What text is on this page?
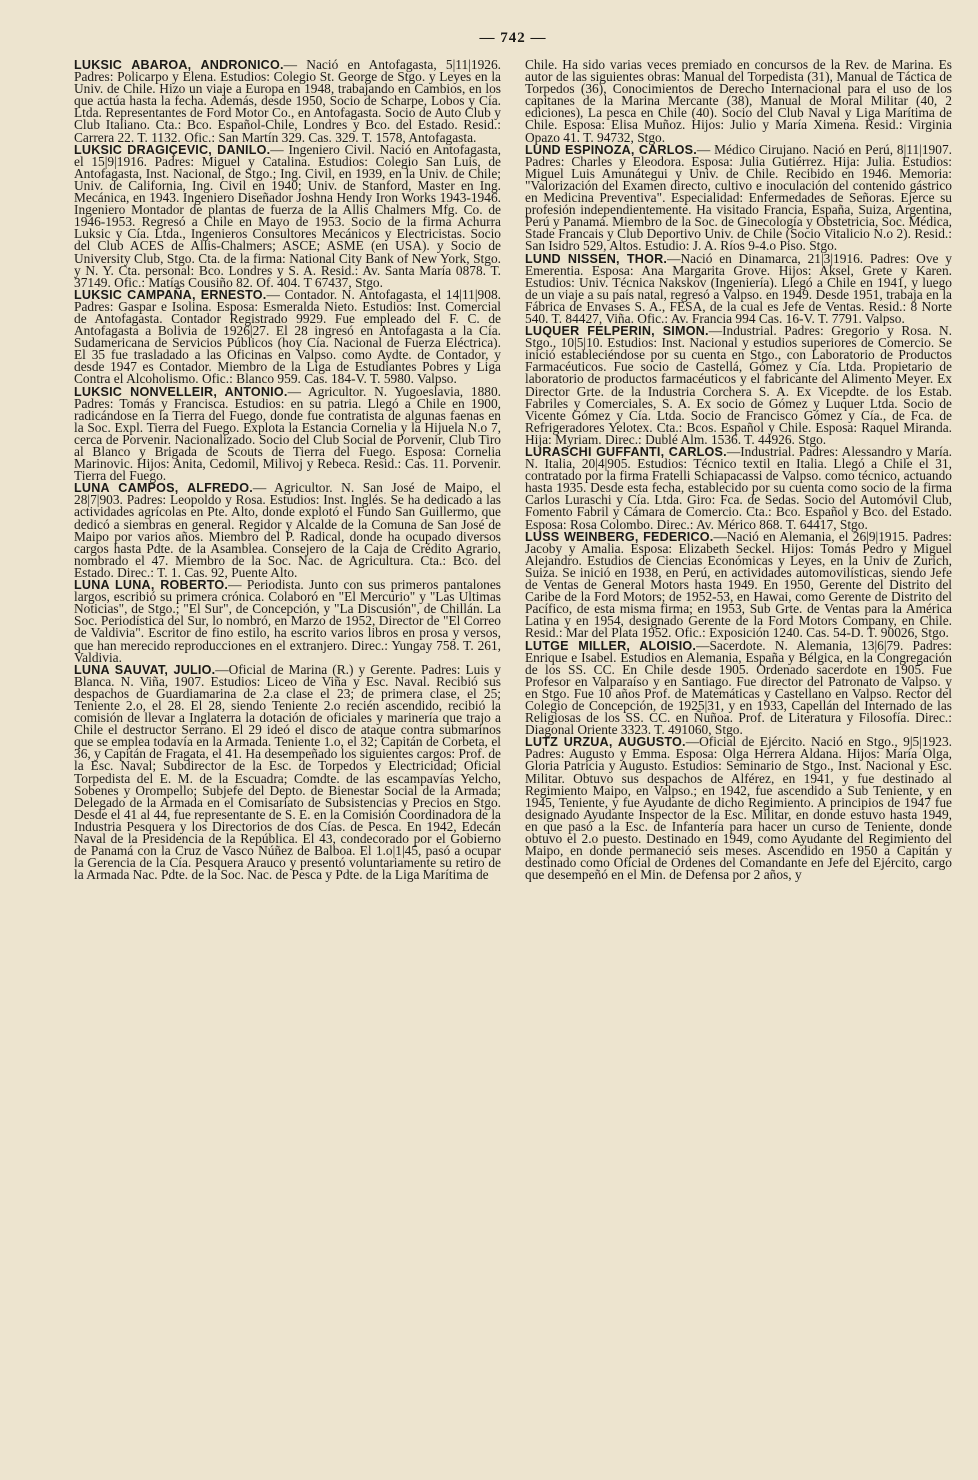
— 742 —

LUKSIC ABAROA, ANDRONICO.— Nació en Antofagasta, 5|11|1926. Padres: Policarpo y Elena. Estudios: Colegio St. George de Stgo. y Leyes en la Univ. de Chile. Hizo un viaje a Europa en 1948, trabajando en Cambios, en los que actúa hasta la fecha. Además, desde 1950, Socio de Scharpe, Lobos y Cía. Ltda. Representantes de Ford Motor Co., en Antofagasta. Socio de Auto Club y Club Italiano. Cta.: Bco. Español-Chile, Londres y Bco. del Estado. Resid.: Carrera 22. T. 1132. Ofic.: San Martín 329. Cas. 329. T. 1578, Antofagasta.

LUKSIC DRAGIÇEVIC, DANILO.— Ingeniero Civil. Nació en Antofagasta, el 15|9|1916. Padres: Miguel y Catalina. Estudios: Colegio San Luis, de Antofagasta, Inst. Nacional, de Stgo.; Ing. Civil, en 1939, en la Univ. de Chile; Univ. de California, Ing. Civil en 1940; Univ. de Stanford, Master en Ing. Mecánica, en 1943. Ingeniero Diseñador Joshna Hendy Iron Works 1943-1946. Ingeniero Montador de plantas de fuerza de la Allis Chalmers Mfg. Co. de 1946-1953. Regresó a Chile en Mayo de 1953. Socio de la firma Achurra Luksic y Cía. Ltda., Ingenieros Consultores Mecánicos y Electricistas. Socio del Club ACES de Allis-Chalmers; ASCE; ASME (en USA). y Socio de University Club, Stgo. Cta. de la firma: National City Bank of New York, Stgo. y N. Y. Cta. personal: Bco. Londres y S. A. Resid.: Av. Santa María 0878. T. 37149. Ofic.: Matías Cousiño 82. Of. 404. T 67437, Stgo.

LUKSIC CAMPAÑA, ERNESTO.— Contador. N. Antofagasta, el 14|11|908. Padres: Gaspar e Isolina. Esposa: Esmeralda Nieto. Estudios: Inst. Comercial de Antofagasta. Contador Registrado 9929. Fue empleado del F. C. de Antofagasta a Bolivia de 1926|27. El 28 ingresó en Antofagasta a la Cía. Sudamericana de Servicios Públicos (hoy Cía. Nacional de Fuerza Eléctrica). El 35 fue trasladado a las Oficinas en Valpso. como Aydte. de Contador, y desde 1947 es Contador. Miembro de la Liga de Estudiantes Pobres y Liga Contra el Alcoholismo. Ofic.: Blanco 959. Cas. 184-V. T. 5980. Valpso.

LUKSIC NONVELLEIR, ANTONIO.— Agricultor. N. Yugoeslavia, 1880. Padres: Tomás y Francisca. Estudios: en su patria. Llegó a Chile en 1900, radicándose en la Tierra del Fuego, donde fue contratista de algunas faenas en la Soc. Expl. Tierra del Fuego. Explota la Estancia Cornelia y la Hijuela N.o 7, cerca de Porvenir. Nacionalizado. Socio del Club Social de Porvenir, Club Tiro al Blanco y Brigada de Scouts de Tierra del Fuego. Esposa: Cornelia Marinovic. Hijos: Anita, Cedomil, Milivoj y Rebeca. Resid.: Cas. 11. Porvenir. Tierra del Fuego.

LUNA CAMPOS, ALFREDO.— Agricultor. N. San José de Maipo, el 28|7|903. Padres: Leopoldo y Rosa. Estudios: Inst. Inglés. Se ha dedicado a las actividades agrícolas en Pte. Alto, donde explotó el Fundo San Guillermo, que dedicó a siembras en general. Regidor y Alcalde de la Comuna de San José de Maipo por varios años. Miembro del P. Radical, donde ha ocupado diversos cargos hasta Pdte. de la Asamblea. Consejero de la Caja de Crédito Agrario, nombrado el 47. Miembro de la Soc. Nac. de Agricultura. Cta.: Bco. del Estado. Direc.: T. 1. Cas. 92, Puente Alto.

LUNA LUNA, ROBERTO.— Periodista. Junto con sus primeros pantalones largos, escribió su primera crónica. Colaboró en "El Mercurio" y "Las Ultimas Noticias", de Stgo.; "El Sur", de Concepción, y "La Discusión", de Chillán. La Soc. Periodística del Sur, lo nombró, en Marzo de 1952, Director de "El Correo de Valdivia". Escritor de fino estilo, ha escrito varios libros en prosa y versos, que han merecido reproducciones en el extranjero. Direc.: Yungay 758. T. 261, Valdivia.

LUNA SAUVAT, JULIO.—Oficial de Marina (R.) y Gerente. Padres: Luis y Blanca. N. Viña, 1907. Estudios: Liceo de Viña y Esc. Naval. Recibió sus despachos de Guardiamarina de 2.a clase el 23; de primera clase, el 25; Teniente 2.o, el 28. El 28, siendo Teniente 2.o recién ascendido, recibió la comisión de llevar a Inglaterra la dotación de oficiales y marinería que trajo a Chile el destructor Serrano. El 29 ideó el disco de ataque contra submarinos que se emplea todavía en la Armada. Teniente 1.o, el 32; Capitán de Corbeta, el 36, y Capitán de Fragata, el 41. Ha desempeñado los siguientes cargos: Prof. de la Esc. Naval; Subdirector de la Esc. de Torpedos y Electricidad; Oficial Torpedista del E. M. de la Escuadra; Comdte. de las escampavías Yelcho, Sobenes y Orompello; Subjefe del Depto. de Bienestar Social de la Armada; Delegado de la Armada en el Comisariato de Subsistencias y Precios en Stgo. Desde el 41 al 44, fue representante de S. E. en la Comisión Coordinadora de la Industria Pesquera y los Directorios de dos Cías. de Pesca. En 1942, Edecán Naval de la Presidencia de la República. El 43, condecorado por el Gobierno de Panamá con la Cruz de Vasco Núñez de Balboa. El 1.o|1|45, pasó a ocupar la Gerencia de la Cía. Pesquera Arauco y presentó voluntariamente su retiro de la Armada Nac. Pdte. de la Soc. Nac. de Pesca y Pdte. de la Liga Marítima de

Chile. Ha sido varias veces premiado en concursos de la Rev. de Marina. Es autor de las siguientes obras: Manual del Torpedista (31), Manual de Táctica de Torpedos (36), Conocimientos de Derecho Internacional para el uso de los capitanes de la Marina Mercante (38), Manual de Moral Militar (40, 2 ediciones), La pesca en Chile (40). Socio del Club Naval y Liga Marítima de Chile. Esposa: Elisa Muñoz. Hijos: Julio y María Ximena. Resid.: Virginia Opazo 41. T. 94732, Stgo.

LUND ESPINOZA, CARLOS.— Médico Cirujano. Nació en Perú, 8|11|1907. Padres: Charles y Eleodora. Esposa: Julia Gutiérrez. Hija: Julia. Estudios: Miguel Luis Amunátegui y Univ. de Chile. Recibido en 1946. Memoria: "Valorización del Examen directo, cultivo e inoculación del contenido gástrico en Medicina Preventiva". Especialidad: Enfermedades de Señoras. Ejerce su profesión independientemente. Ha visitado Francia, España, Suiza, Argentina, Perú y Panamá. Miembro de la Soc. de Ginecología y Obstetricia, Soc. Médica, Stade Francais y Club Deportivo Univ. de Chile (Socio Vitalicio N.o 2). Resid.: San Isidro 529, Altos. Estudio: J. A. Ríos 9-4.o Piso. Stgo.

LUND NISSEN, THOR.—Nació en Dinamarca, 21|3|1916. Padres: Ove y Emerentia. Esposa: Ana Margarita Grove. Hijos: Aksel, Grete y Karen. Estudios: Univ. Técnica Nakskov (Ingeniería). Llegó a Chile en 1941, y luego de un viaje a su país natal, regresó a Valpso. en 1949. Desde 1951, trabaja en la Fábrica de Envases S. A., FESA, de la cual es Jefe de Ventas. Resid.: 8 Norte 540. T. 84427, Viña. Ofic.: Av. Francia 994 Cas. 16-V. T. 7791. Valpso.

LUQUER FELPERIN, SIMON.—Industrial. Padres: Gregorio y Rosa. N. Stgo., 10|5|10. Estudios: Inst. Nacional y estudios superiores de Comercio. Se inició estableciéndose por su cuenta en Stgo., con Laboratorio de Productos Farmacéuticos. Fue socio de Castellá, Gómez y Cía. Ltda. Propietario de laboratorio de productos farmacéuticos y el fabricante del Alimento Meyer. Ex Director Grte. de la Industria Corchera S. A. Ex Vicepdte. de los Estab. Fabriles y Comerciales, S. A. Ex socio de Gómez y Luquer Ltda. Socio de Vicente Gómez y Cía. Ltda. Socio de Francisco Gómez y Cía., de Fca. de Refrigeradores Yelotex. Cta.: Bcos. Español y Chile. Esposa: Raquel Miranda. Hija: Myriam. Direc.: Dublé Alm. 1536. T. 44926. Stgo.

LURASCHI GUFFANTI, CARLOS.—Industrial. Padres: Alessandro y María. N. Italia, 20|4|905. Estudios: Técnico textil en Italia. Llegó a Chile el 31, contratado por la firma Fratelli Schiapacassi de Valpso. como técnico, actuando hasta 1935. Desde esta fecha, establecido por su cuenta como socio de la firma Carlos Luraschi y Cía. Ltda. Giro: Fca. de Sedas. Socio del Automóvil Club, Fomento Fabril y Cámara de Comercio. Cta.: Bco. Español y Bco. del Estado. Esposa: Rosa Colombo. Direc.: Av. Mérico 868. T. 64417, Stgo.

LUSS WEINBERG, FEDERICO.—Nació en Alemania, el 26|9|1915. Padres: Jacoby y Amalia. Esposa: Elizabeth Seckel. Hijos: Tomás Pedro y Miguel Alejandro. Estudios de Ciencias Económicas y Leyes, en la Univ de Zurich, Suiza. Se inició en 1938, en Perú, en actividades automovilísticas, siendo Jefe de Ventas de General Motors hasta 1949. En 1950, Gerente del Distrito del Caribe de la Ford Motors; de 1952-53, en Hawai, como Gerente de Distrito del Pacífico, de esta misma firma; en 1953, Sub Grte. de Ventas para la América Latina y en 1954, designado Gerente de la Ford Motors Company, en Chile. Resid.: Mar del Plata 1952. Ofic.: Exposición 1240. Cas. 54-D. T. 90026, Stgo.

LUTGE MILLER, ALOISIO.—Sacerdote. N. Alemania, 13|6|79. Padres: Enrique e Isabel. Estudios en Alemania, España y Bélgica, en la Congregación de los SS. CC. En Chile desde 1905. Ordenado sacerdote en 1905. Fue Profesor en Valparaíso y en Santiago. Fue director del Patronato de Valpso. y en Stgo. Fue 10 años Prof. de Matemáticas y Castellano en Valpso. Rector del Colegio de Concepción, de 1925|31, y en 1933, Capellán del Internado de las Religiosas de los SS. CC. en Ñuñoa. Prof. de Literatura y Filosofía. Direc.: Diagonal Oriente 3323. T. 491060, Stgo.

LUTZ URZUA, AUGUSTO.—Oficial de Ejército. Nació en Stgo., 9|5|1923. Padres: Augusto y Emma. Esposa: Olga Herrera Aldana. Hijos: María Olga, Gloria Patricia y Augusto. Estudios: Seminario de Stgo., Inst. Nacional y Esc. Militar. Obtuvo sus despachos de Alférez, en 1941, y fue destinado al Regimiento Maipo, en Valpso.; en 1942, fue ascendido a Sub Teniente, y en 1945, Teniente, y fue Ayudante de dicho Regimiento. A principios de 1947 fue designado Ayudante Inspector de la Esc. Militar, en donde estuvo hasta 1949, en que pasó a la Esc. de Infantería para hacer un curso de Teniente, donde obtuvo el 2.o puesto. Destinado en 1949, como Ayudante del Regimiento del Maipo, en donde permaneció seis meses. Ascendido en 1950 a Capitán y destinado como Oficial de Ordenes del Comandante en Jefe del Ejército, cargo que desempeñó en el Min. de Defensa por 2 años, y
